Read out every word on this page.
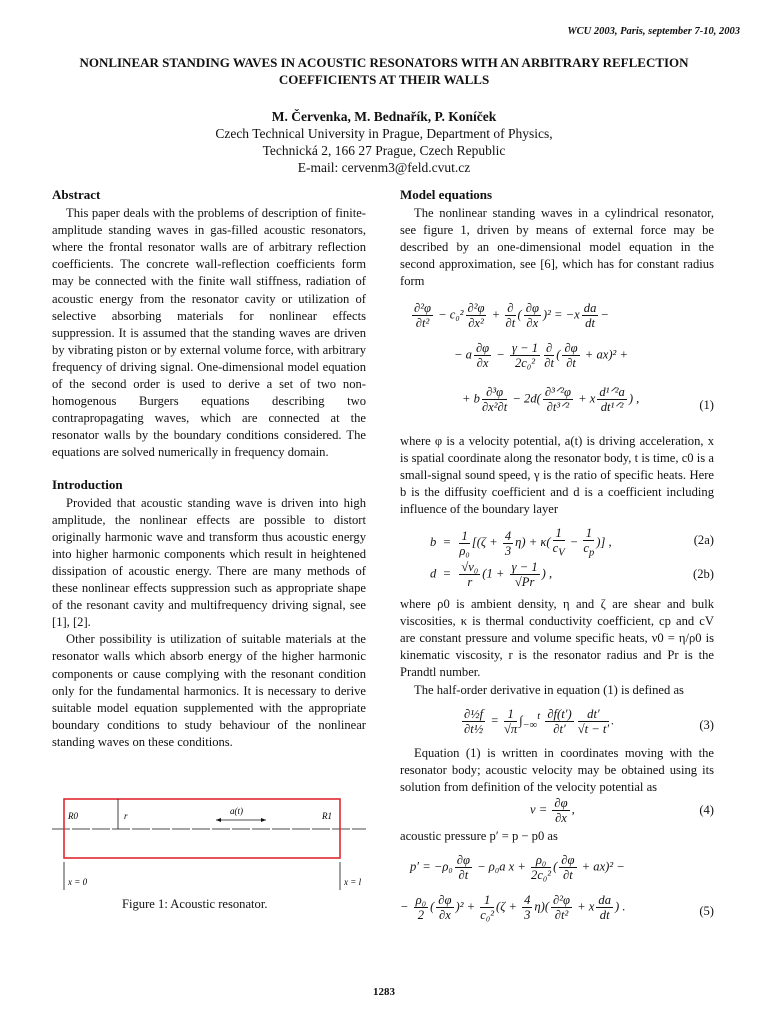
WCU 2003, Paris, september 7-10, 2003
NONLINEAR STANDING WAVES IN ACOUSTIC RESONATORS WITH AN ARBITRARY REFLECTION COEFFICIENTS AT THEIR WALLS
M. Červenka, M. Bednařík, P. Koníček
Czech Technical University in Prague, Department of Physics,
Technická 2, 166 27 Prague, Czech Republic
E-mail: cervenm3@feld.cvut.cz
Abstract

This paper deals with the problems of description of finite-amplitude standing waves in gas-filled acoustic resonators, where the frontal resonator walls are of arbitrary reflection coefficients. The concrete wall-reflection coefficients form may be connected with the finite wall stiffness, radiation of acoustic energy from the resonator cavity or utilization of selective absorbing materials for nonlinear effects suppression. It is assumed that the standing waves are driven by vibrating piston or by external volume force, with arbitrary frequency of driving signal. One-dimensional model equation of the second order is used to derive a set of two non-homogenous Burgers equations describing two contrapropagating waves, which are connected at the resonator walls by the boundary conditions considered. The equations are solved numerically in frequency domain.

Introduction

Provided that acoustic standing wave is driven into high amplitude, the nonlinear effects are possible to distort originally harmonic wave and transform thus acoustic energy into higher harmonic components which result in heightened dissipation of acoustic energy. There are many methods of these nonlinear effects suppression such as appropriate shape of the resonant cavity and multifrequency driving signal, see [1], [2].

Other possibility is utilization of suitable materials at the resonator walls which absorb energy of the higher harmonic components or cause complying with the resonant condition only for the fundamental harmonics. It is necessary to derive suitable model equation supplemented with the appropriate boundary conditions to study behaviour of the nonlinear standing waves on these conditions.

R0	r	a(t)	R1
x = 0	x = l
Figure 1: Acoustic resonator.
Model equations

The nonlinear standing waves in a cylindrical resonator, see figure 1, driven by means of external force may be described by an one-dimensional model equation in the second approximation, see [6], which has for constant radius form

$\frac{\text{∂²φ}}{\text{∂t²}} - c_0^2 \frac{\text{∂²φ}}{\text{∂x²}} + \frac{\partial}{\partial t}$ ( $\frac{\partial\varphi}{\partial x} )^2 = -x \frac{da}{dt}$ −
− a $\frac{\partial\varphi}{\partial x} - \frac{\gamma - 1}{\text{2c₀²}} \frac{\partial}{\partial t}$ ( $\frac{\partial\varphi}{\partial t} + ax)^2$ +
+ b $\frac{\text{∂³φ}}{\text{∂x²∂t}} - 2d( \frac{\text{∂³ᐟ²φ}}{\text{∂t³ᐟ²}} + x \frac{\text{d¹ᐟ²a}}{\text{dt¹ᐟ²}}$ ) ,	(1)

where φ is a velocity potential, a(t) is driving acceleration, x is spatial coordinate along the resonator body, t is time, c0 is a small-signal sound speed, γ is the ratio of specific heats. Here b is the diffusity coefficient and d is a coefficient including influence of the boundary layer

$b = \frac{1}{\text{ρ₀}} [(\zeta + \frac{4}{3} \eta) + \kappa( \frac{1}{c_V} - \frac{1}{c_p}$ )] ,	(2a)
$d = \frac{\text{√ν₀}}{r} (1 + \frac{\gamma - 1}{√Pr}$ ) ,	(2b)

where ρ0 is ambient density, η and ζ are shear and bulk viscosities, κ is thermal conductivity coefficient, cp and cV are constant pressure and volume specific heats, ν0 = η/ρ0 is kinematic viscosity, r is the resonator radius and Pr is the Prandtl number.

The half-order derivative in equation (1) is defined as

$\frac{\text{∂½f}}{\text{∂t½}} = \frac{1}{√\pi} \int_{-\infty}^t \frac{\partial f(t')}{\partial t'} \frac{dt'}{√t - t'}$ .	(3)

Equation (1) is written in coordinates moving with the resonator body; acoustic velocity may be obtained using its solution from definition of the velocity potential as

$v = \frac{\partial\varphi}{\partial x}$ ,	(4)

acoustic pressure p′ = p − p0 as

$p' = -\rho_0 \frac{\partial\varphi}{\partial t} - \rho_0a$ $x + \frac{\text{ρ₀}}{\text{2c₀²}}$ ( $\frac{\partial\varphi}{\partial t} + ax)^2$ −
− $\frac{\text{ρ₀}}{2}$ ( $\frac{\partial\varphi}{\partial x} )^2 + \frac{1}{\text{c₀²}} (\zeta + \frac{4}{3} \eta)( \frac{\text{∂²φ}}{\text{∂t²}} + x \frac{da}{dt}$ ) .	(5)
1283
